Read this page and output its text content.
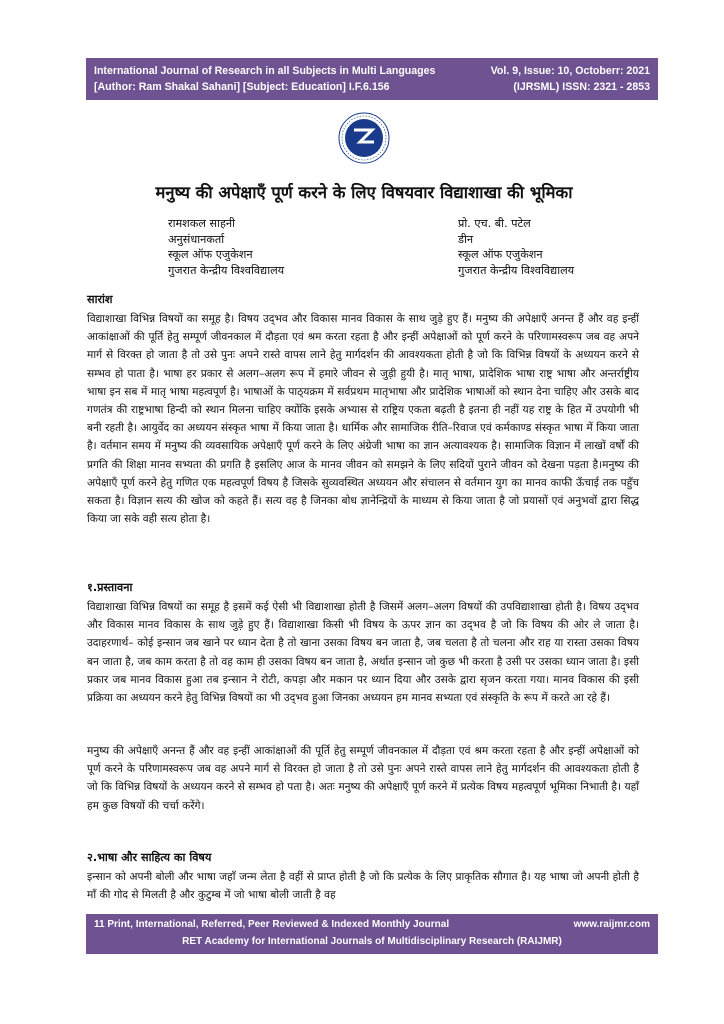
International Journal of Research in all Subjects in Multi Languages
[Author: Ram Shakal Sahani] [Subject: Education] I.F.6.156
Vol. 9, Issue: 10, Octoberr: 2021
(IJRSML) ISSN: 2321 - 2853
मनुष्य की अपेक्षाएँ पूर्ण करने के लिए विषयवार विद्याशाखा की भूमिका
रामशकल साहनी
अनुसंधानकर्ता
स्कूल ऑफ एजुकेशन
गुजरात केन्द्रीय विश्वविद्यालय
प्रो. एच. बी. पटेल
डीन
स्कूल ऑफ एजुकेशन
गुजरात केन्द्रीय विश्वविद्यालय
सारांश

विद्याशाखा विभिन्न विषयों का समूह है। विषय उद्‌भव और विकास मानव विकास के साथ जुड़े हुए हैं। मनुष्य की अपेक्षाएँ अनन्त हैं और वह इन्हीं आकांक्षाओं की पूर्ति हेतु सम्पूर्ण जीवनकाल में दौड़ता एवं श्रम करता रहता है और इन्हीं अपेक्षाओं को पूर्ण करने के परिणामस्वरूप जब वह अपने मार्ग से विरक्त हो जाता है तो उसे पुनः अपने रास्ते वापस लाने हेतु मार्गदर्शन की आवश्यकता होती है जो कि विभिन्न विषयों के अध्ययन करने से सम्भव हो पाता है। भाषा हर प्रकार से अलग–अलग रूप में हमारे जीवन से जुड़ी हुयी है। मातृ भाषा, प्रादेशिक भाषा राष्ट्र भाषा और अन्तर्राष्ट्रीय भाषा इन सब में मातृ भाषा महत्वपूर्ण है। भाषाओं के पाठ्‌यक्रम में सर्वप्रथम मातृभाषा और प्रादेशिक भाषाओं को स्थान देना चाहिए और उसके बाद गणतंत्र की राष्ट्रभाषा हिन्दी को स्थान मिलना चाहिए क्योंकि इसके अभ्यास से राष्ट्रिय एकता बढ़ती है इतना ही नहीं यह राष्ट्र के हित में उपयोगी भी बनी रहती है। आयुर्वेद का अध्ययन संस्कृत भाषा में किया जाता है। धार्मिक और सामाजिक रीति–रिवाज एवं कर्मकाण्ड संस्कृत भाषा में किया जाता है। वर्तमान समय में मनुष्य की व्यवसायिक अपेक्षाएँ पूर्ण करने के लिए अंग्रेजी भाषा का ज्ञान अत्यावश्यक है। सामाजिक विज्ञान में लाखों वर्षों की प्रगति की शिक्षा मानव सभ्यता की प्रगति है इसलिए आज के मानव जीवन को समझने के लिए सदियों पुराने जीवन को देखना पड़ता है।मनुष्य की अपेक्षाएँ पूर्ण करने हेतु गणित एक महत्वपूर्ण विषय है जिसके सुव्यवस्थित अध्ययन और संचालन से वर्तमान युग का मानव काफी ऊँचाई तक पहुँच सकता है। विज्ञान सत्य की खोज को कहते हैं। सत्य वह है जिनका बोध ज्ञानेन्द्रियों के माध्यम से किया जाता है जो प्रयासों एवं अनुभवों द्वारा सिद्ध किया जा सके वही सत्य होता है।

१.प्रस्तावना

विद्याशाखा विभिन्न विषयों का समूह है इसमें कई ऐसी भी विद्याशाखा होती है जिसमें अलग–अलग विषयों की उपविद्याशाखा होती है। विषय उद्‌भव और विकास मानव विकास के साथ जुड़े हुए हैं। विद्याशाखा किसी भी विषय के ऊपर ज्ञान का उद्‌भव है जो कि विषय की ओर ले जाता है। उदाहरणार्थ– कोई इन्सान जब खाने पर ध्यान देता है तो खाना उसका विषय बन जाता है, जब चलता है तो चलना और राह या रास्ता उसका विषय बन जाता है, जब काम करता है तो वह काम ही उसका विषय बन जाता है, अर्थात इन्सान जो कुछ भी करता है उसी पर उसका ध्यान जाता है। इसी प्रकार जब मानव विकास हुआ तब इन्सान ने रोटी, कपड़ा और मकान पर ध्यान दिया और उसके द्वारा सृजन करता गया। मानव विकास की इसी प्रक्रिया का अध्ययन करने हेतु विभिन्न विषयों का भी उद्‌भव हुआ जिनका अध्ययन हम मानव सभ्यता एवं संस्कृति के रूप में करते आ रहे हैं।

मनुष्य की अपेक्षाएँ अनन्त हैं और वह इन्हीं आकांक्षाओं की पूर्ति हेतु सम्पूर्ण जीवनकाल में दौड़ता एवं श्रम करता रहता है और इन्हीं अपेक्षाओं को पूर्ण करने के परिणामस्वरूप जब वह अपने मार्ग से विरक्त हो जाता है तो उसे पुनः अपने रास्ते वापस लाने हेतु मार्गदर्शन की आवश्यकता होती है जो कि विभिन्न विषयों के अध्ययन करने से सम्भव हो पता है। अतः मनुष्य की अपेक्षाएँ पूर्ण करने में प्रत्येक विषय महत्वपूर्ण भूमिका निभाती है। यहाँ हम कुछ विषयों की चर्चा करेंगे।

२.भाषा और साहित्य का विषय

इन्सान को अपनी बोली और भाषा जहाँ जन्म लेता है वहीं से प्राप्त होती है जो कि प्रत्येक के लिए प्राकृतिक सौगात है। यह भाषा जो अपनी होती है माँ की गोद से मिलती है और कुटुम्ब में जो भाषा बोली जाती है वह

11 Print, International, Referred, Peer Reviewed & Indexed Monthly Journal	www.raijmr.com
RET Academy for International Journals of Multidisciplinary Research (RAIJMR)
